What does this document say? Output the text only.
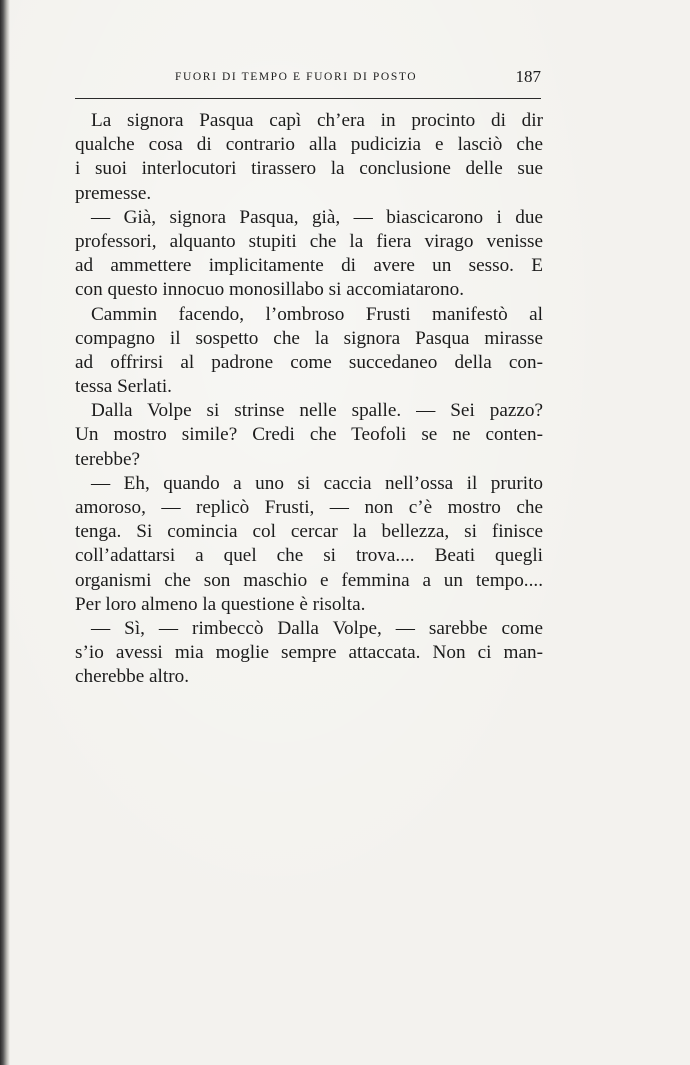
FUORI DI TEMPO E FUORI DI POSTO	187
La signora Pasqua capì ch’era in procinto di dir
qualche cosa di contrario alla pudicizia e lasciò che
i suoi interlocutori tirassero la conclusione delle sue
premesse.
— Già, signora Pasqua, già, — biascicarono i due
professori, alquanto stupiti che la fiera virago venisse
ad ammettere implicitamente di avere un sesso. E
con questo innocuo monosillabo si accomiatarono.
Cammin facendo, l’ombroso Frusti manifestò al
compagno il sospetto che la signora Pasqua mirasse
ad offrirsi al padrone come succedaneo della con-
tessa Serlati.
Dalla Volpe si strinse nelle spalle. — Sei pazzo?
Un mostro simile? Credi che Teofoli se ne conten-
terebbe?
— Eh, quando a uno si caccia nell’ossa il prurito
amoroso, — replicò Frusti, — non c’è mostro che
tenga. Si comincia col cercar la bellezza, si finisce
coll’adattarsi a quel che si trova.... Beati quegli
organismi che son maschio e femmina a un tempo....
Per loro almeno la questione è risolta.
— Sì, — rimbeccò Dalla Volpe, — sarebbe come
s’io avessi mia moglie sempre attaccata. Non ci man-
cherebbe altro.
